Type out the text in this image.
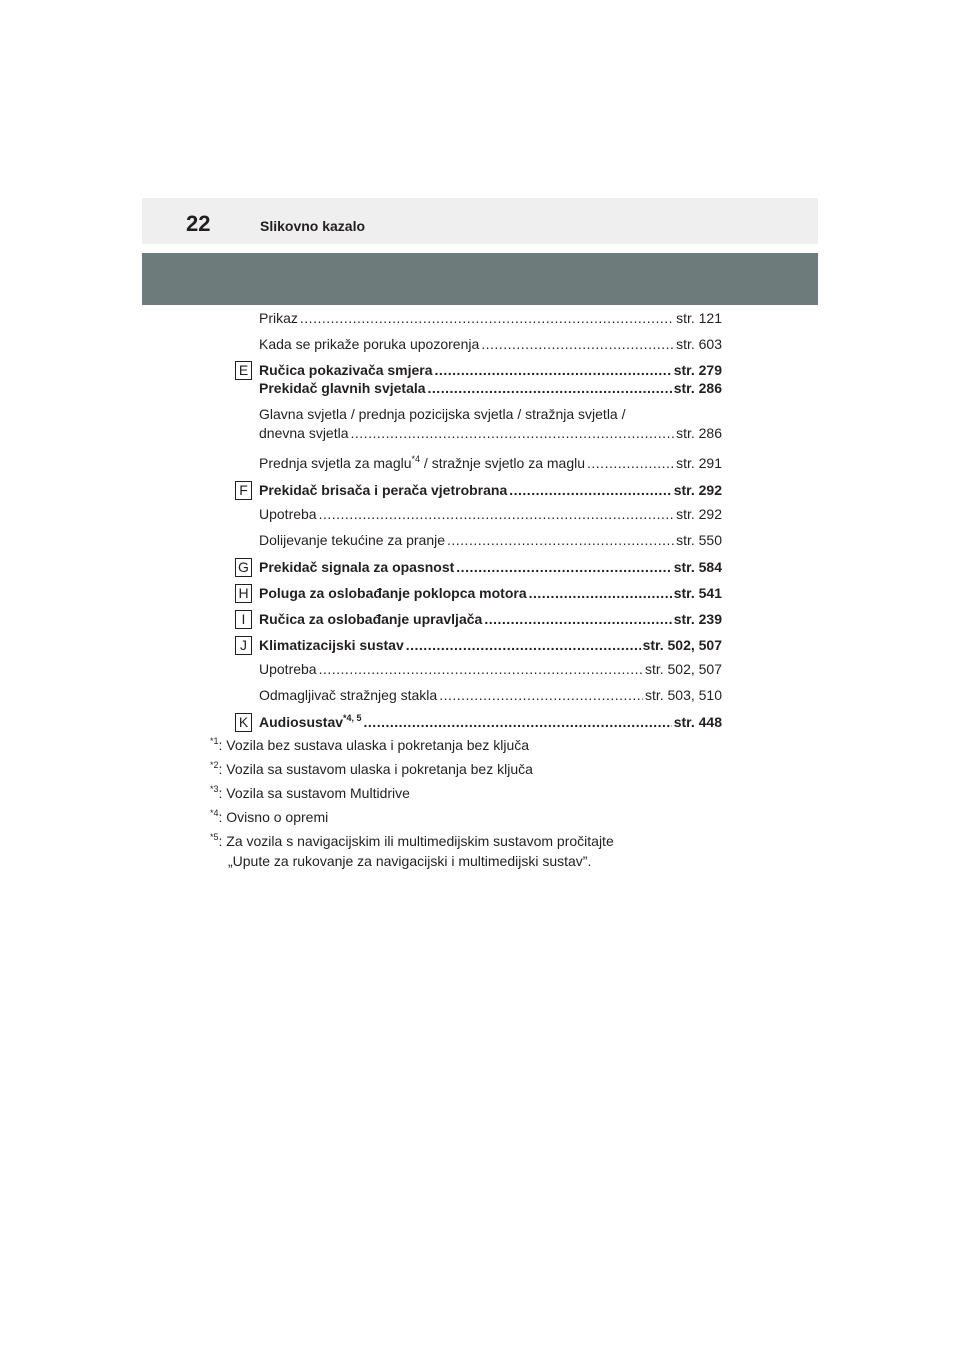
22	Slikovno kazalo
Prikaz .....	str. 121
Kada se prikaže poruka upozorenja .....	str. 603
E Ručica pokazivača smjera .....	str. 279
Prekidač glavnih svjetala .....	str. 286
Glavna svjetla / prednja pozicijska svjetla / stražnja svjetla /
dnevna svjetla .....	str. 286
Prednja svjetla za maglu$^{*4}$ / stražnje svjetlo za maglu .....	str. 291
F Prekidač brisača i perača vjetrobrana .....	str. 292
Upotreba .....	str. 292
Dolijevanje tekućine za pranje .....	str. 550
G Prekidač signala za opasnost .....	str. 584
H Poluga za oslobađanje poklopca motora .....	str. 541
I Ručica za oslobađanje upravljača .....	str. 239
J Klimatizacijski sustav .....	str. 502, 507
Upotreba .....	str. 502, 507
Odmagljivač stražnjeg stakla .....	str. 503, 510
K Audiosustav$^{*4, 5}$ .....	str. 448
$^{*1}$: Vozila bez sustava ulaska i pokretanja bez ključa
$^{*2}$: Vozila sa sustavom ulaska i pokretanja bez ključa
$^{*3}$: Vozila sa sustavom Multidrive
$^{*4}$: Ovisno o opremi
$^{*5}$: Za vozila s navigacijskim ili multimedijskim sustavom pročitajte
„Upute za rukovanje za navigacijski i multimedijski sustav”.
